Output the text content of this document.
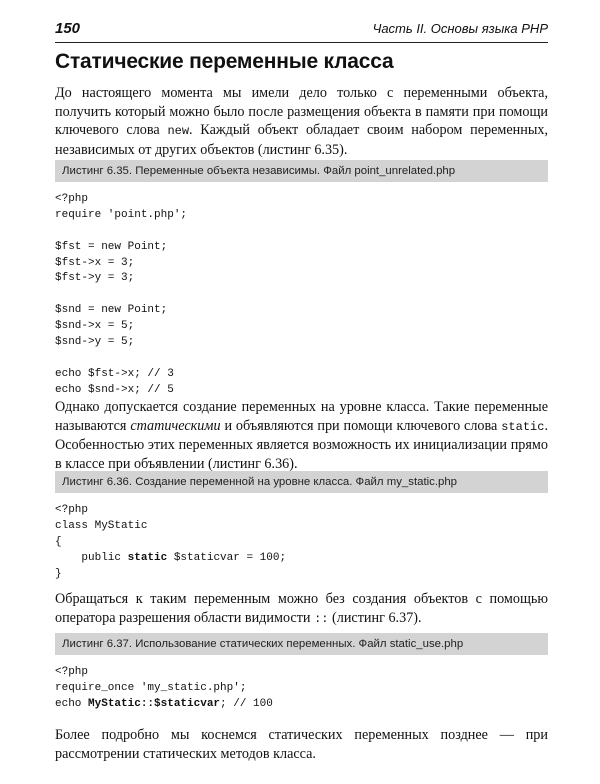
150	Часть II. Основы языка PHP
Статические переменные класса

До настоящего момента мы имели дело только с переменными объекта, получить который можно было после размещения объекта в памяти при помощи ключевого слова new. Каждый объект обладает своим набором переменных, независимых от других объектов (листинг 6.35).

Листинг 6.35. Переменные объекта независимы. Файл point_unrelated.php
<?php
require 'point.php';
$fst = new Point;
$fst->x = 3;
$fst->y = 3;
$snd = new Point;
$snd->x = 5;
$snd->y = 5;
echo $fst->x; // 3
echo $snd->x; // 5

Однако допускается создание переменных на уровне класса. Такие переменные называются статическими и объявляются при помощи ключевого слова static. Особенностью этих переменных является возможность их инициализации прямо в классе при объявлении (листинг 6.36).

Листинг 6.36. Создание переменной на уровне класса. Файл my_static.php
<?php
class MyStatic
{
public static $staticvar = 100;
}

Обращаться к таким переменным можно без создания объектов с помощью оператора разрешения области видимости :: (листинг 6.37).

Листинг 6.37. Использование статических переменных. Файл static_use.php
<?php
require_once 'my_static.php';
echo MyStatic::$staticvar; // 100

Более подробно мы коснемся статических переменных позднее — при рассмотрении статических методов класса.
